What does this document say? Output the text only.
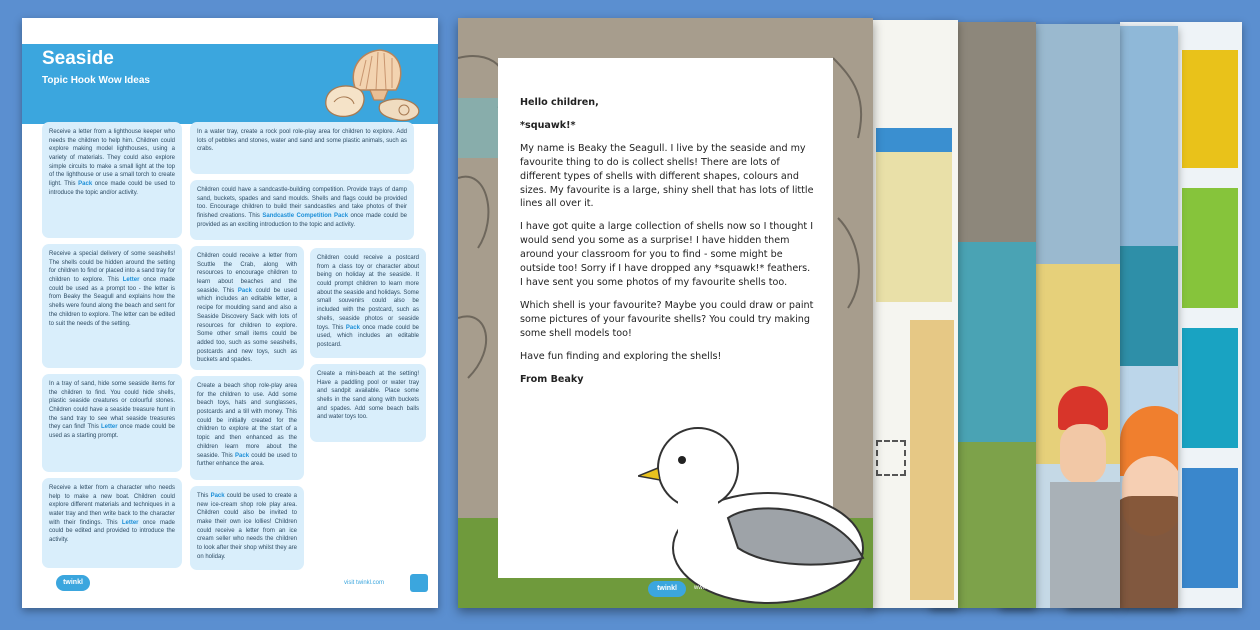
Seaside
Topic Hook Wow Ideas
Receive a letter from a lighthouse keeper who needs the children to help him. Children could explore making model lighthouses, using a variety of materials. They could also explore simple circuits to make a small light at the top of the lighthouse or use a small torch to create light. This Pack once made could be used to introduce the topic and/or activity.
Receive a special delivery of some seashells! The shells could be hidden around the setting for children to find or placed into a sand tray for children to explore. This Letter once made could be used as a prompt too - the letter is from Beaky the Seagull and explains how the shells were found along the beach and sent for the children to explore. The letter can be edited to suit the needs of the setting.
In a tray of sand, hide some seaside items for the children to find. You could hide shells, plastic seaside creatures or colourful stones. Children could have a seaside treasure hunt in the sand tray to see what seaside treasures they can find! This Letter once made could be used as a starting prompt.
Receive a letter from a character who needs help to make a new boat. Children could explore different materials and techniques in a water tray and then write back to the character with their findings. This Letter once made could be edited and provided to introduce the activity.
In a water tray, create a rock pool role-play area for children to explore. Add lots of pebbles and stones, water and sand and some plastic animals, such as crabs.
Children could have a sandcastle-building competition. Provide trays of damp sand, buckets, spades and sand moulds. Shells and flags could be provided too. Encourage children to build their sandcastles and take photos of their finished creations. This Sandcastle Competition Pack once made could be provided as an exciting introduction to the topic and activity.
Children could receive a letter from Scuttle the Crab, along with resources to encourage children to learn about beaches and the seaside. This Pack could be used which includes an editable letter, a recipe for moulding sand and also a Seaside Discovery Sack with lots of resources for children to explore. Some other small items could be added too, such as some seashells, postcards and new toys, such as buckets and spades.
Create a beach shop role-play area for the children to use. Add some beach toys, hats and sunglasses, postcards and a till with money. This could be initially created for the children to explore at the start of a topic and then enhanced as the children learn more about the seaside. This Pack could be used to further enhance the area.
This Pack could be used to create a new ice-cream shop role play area. Children could also be invited to make their own ice lollies! Children could receive a letter from an ice cream seller who needs the children to look after their shop whilst they are on holiday.
Children could receive a postcard from a class toy or character about being on holiday at the seaside. It could prompt children to learn more about the seaside and holidays. Some small souvenirs could also be included with the postcard, such as shells, seaside photos or seaside toys. This Pack once made could be used, which includes an editable postcard.
Create a mini-beach at the setting! Have a paddling pool or water tray and sandpit available. Place some shells in the sand along with buckets and spades. Add some beach balls and water toys too.
twinkl	visit twinkl.com

Hello children,

*squawk!*

My name is Beaky the Seagull. I live by the seaside and my favourite thing to do is collect shells! There are lots of different types of shells with different shapes, colours and sizes. My favourite is a large, shiny shell that has lots of little lines all over it.

I have got quite a large collection of shells now so I thought I would send you some as a surprise! I have hidden them around your classroom for you to find - some might be outside too! Sorry if I have dropped any *squawk!* feathers. I have sent you some photos of my favourite shells too.

Which shell is your favourite? Maybe you could draw or paint some pictures of your favourite shells? You could try making some shell models too!

Have fun finding and exploring the shells!

From Beaky

twinkl	www.twinkl.co.uk
